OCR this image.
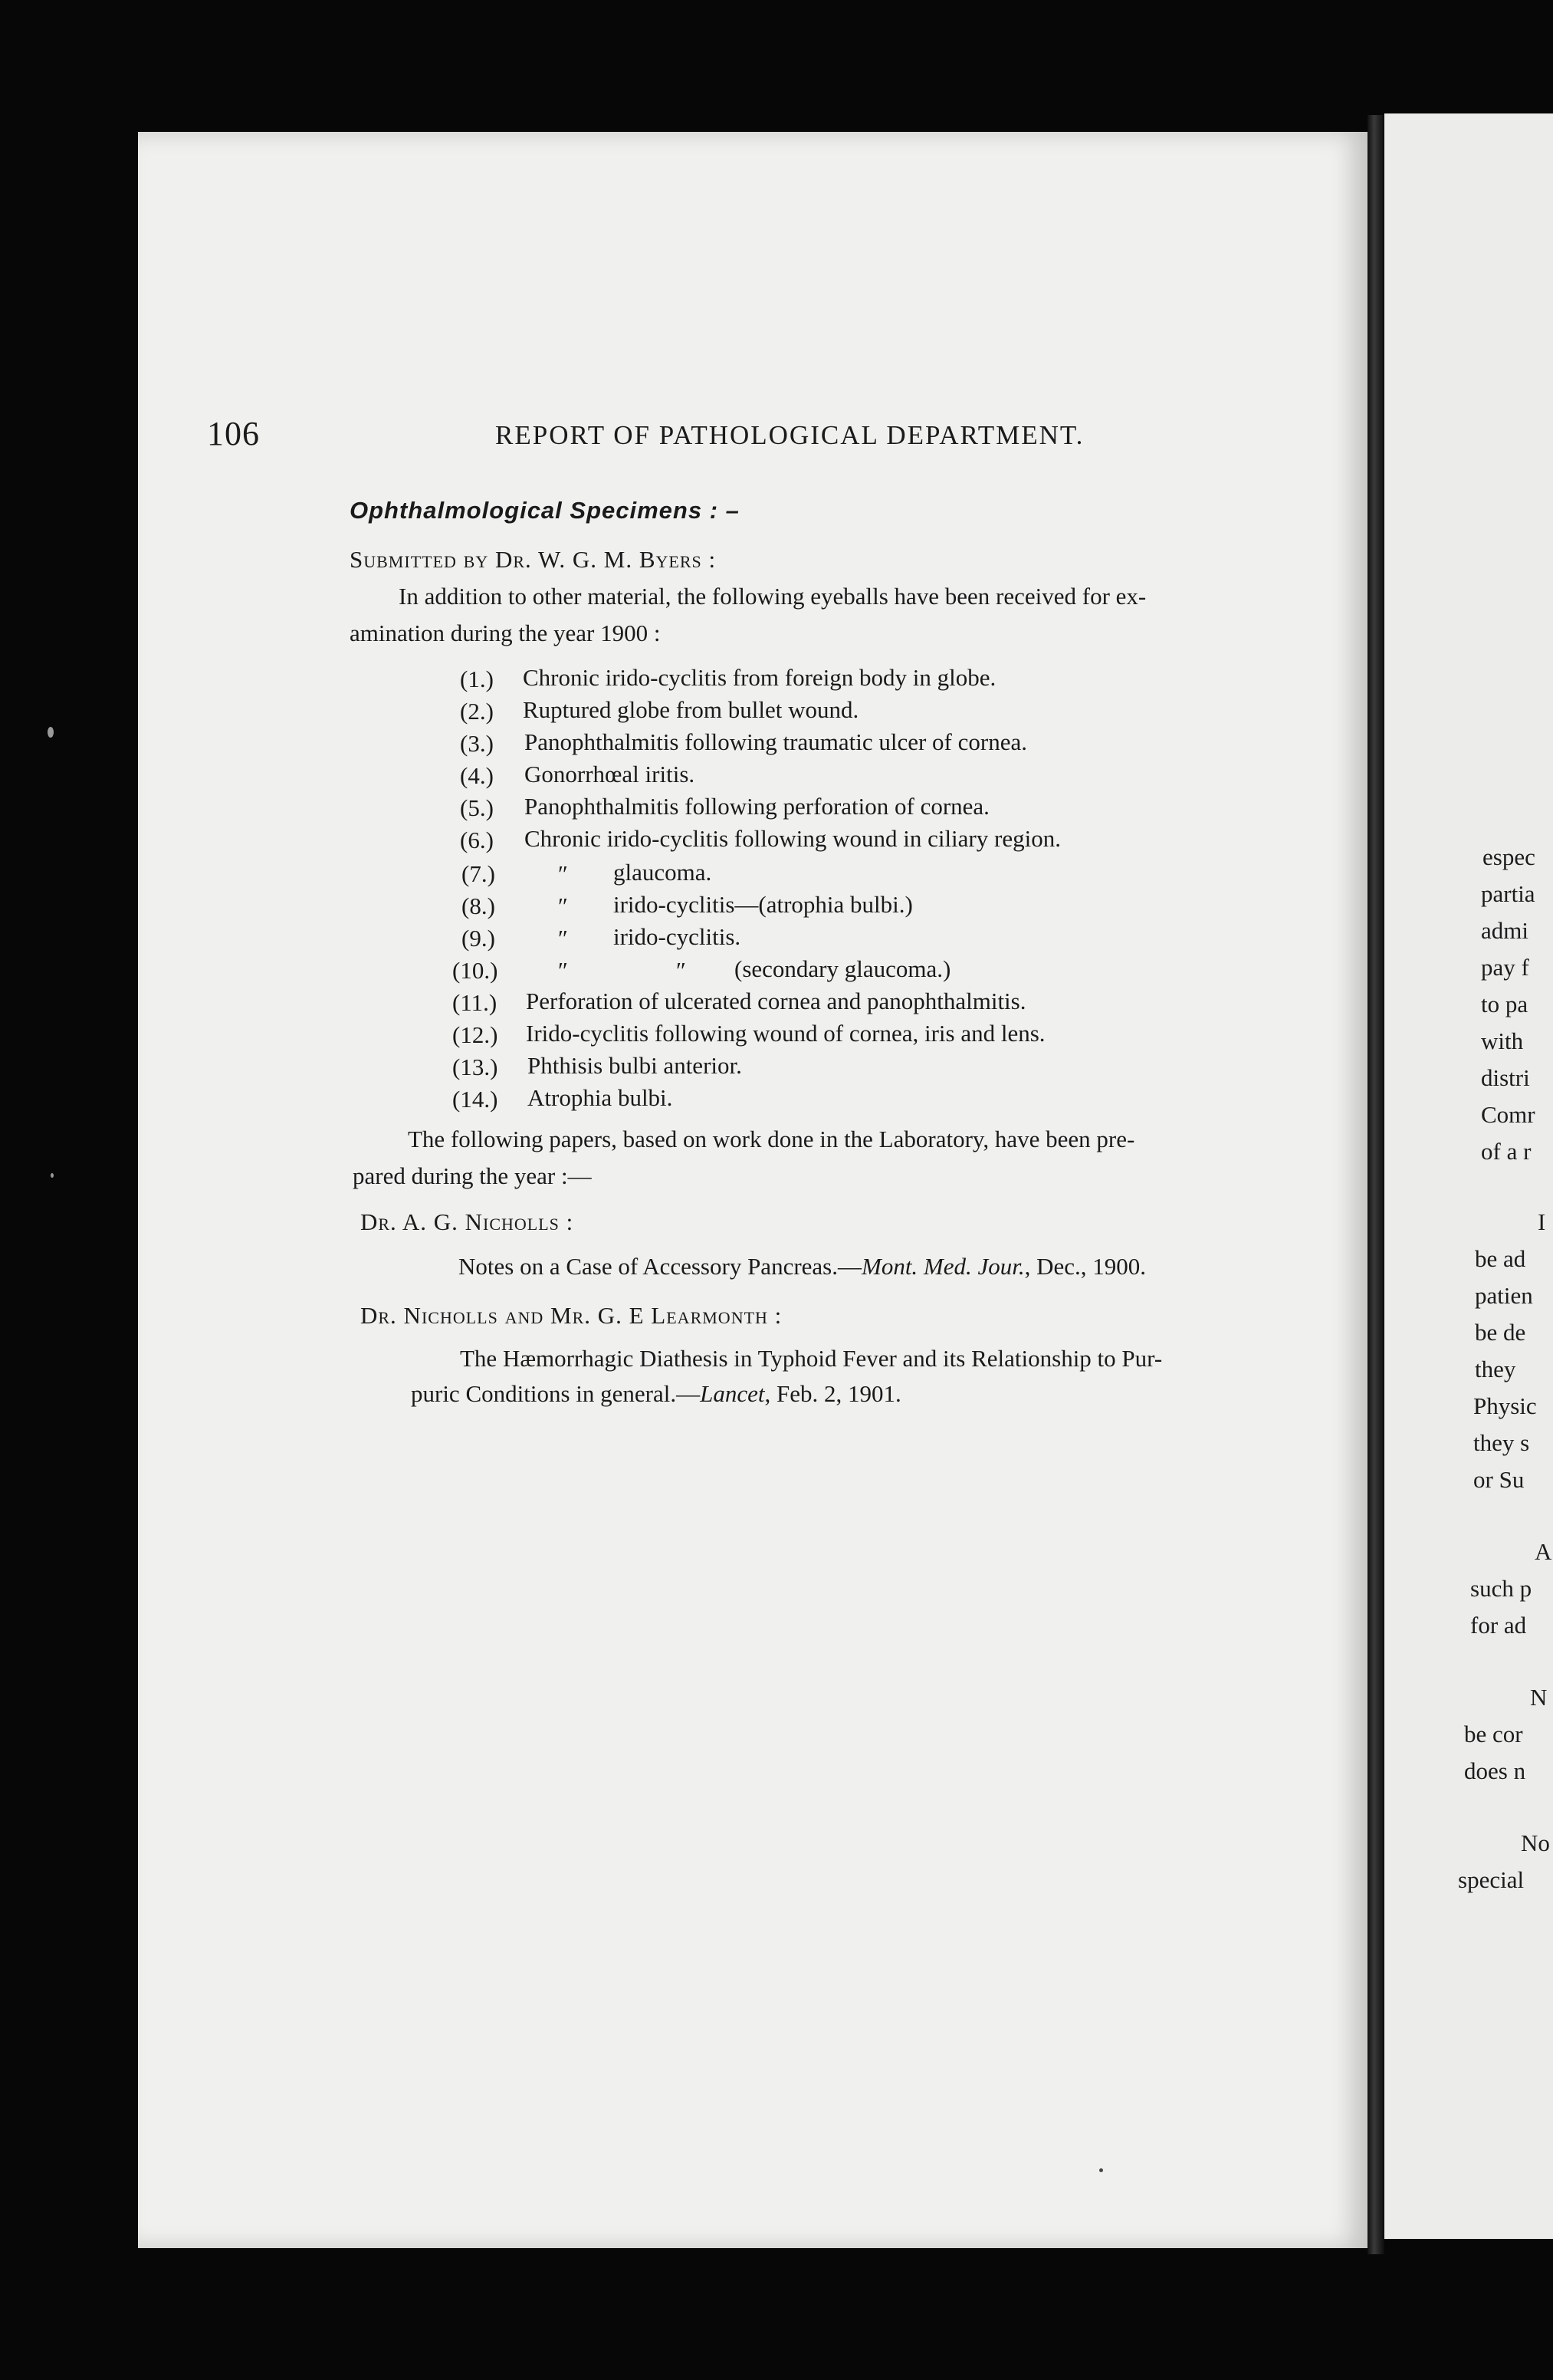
espec
partia
admi
pay f
to pa
with
distri
Comr
of a r
I
be ad
patien
be de
they
Physic
they s
or Su
A
such p
for ad
N
be cor
does n
No
special
106	REPORT OF PATHOLOGICAL DEPARTMENT.
Ophthalmological Specimens : –
Submitted by Dr. W. G. M. Byers :
In addition to other material, the following eyeballs have been received for ex-
amination during the year 1900 :
(1.) Chronic irido-cyclitis from foreign body in globe.
(2.) Ruptured globe from bullet wound.
(3.) Panophthalmitis following traumatic ulcer of cornea.
(4.) Gonorrhœal iritis.
(5.) Panophthalmitis following perforation of cornea.
(6.) Chronic irido-cyclitis following wound in ciliary region.
(7.)	″ glaucoma.
(8.)	″ irido-cyclitis—(atrophia bulbi.)
(9.)	″ irido-cyclitis.
(10.) ″	″ (secondary glaucoma.)
(11.) Perforation of ulcerated cornea and panophthalmitis.
(12.) Irido-cyclitis following wound of cornea, iris and lens.
(13.) Phthisis bulbi anterior.
(14.) Atrophia bulbi.
The following papers, based on work done in the Laboratory, have been pre-
pared during the year :—
Dr. A. G. Nicholls :
Notes on a Case of Accessory Pancreas.—Mont. Med. Jour., Dec., 1900.
Dr. Nicholls and Mr. G. E Learmonth :
The Hæmorrhagic Diathesis in Typhoid Fever and its Relationship to Pur-
puric Conditions in general.—Lancet, Feb. 2, 1901.
